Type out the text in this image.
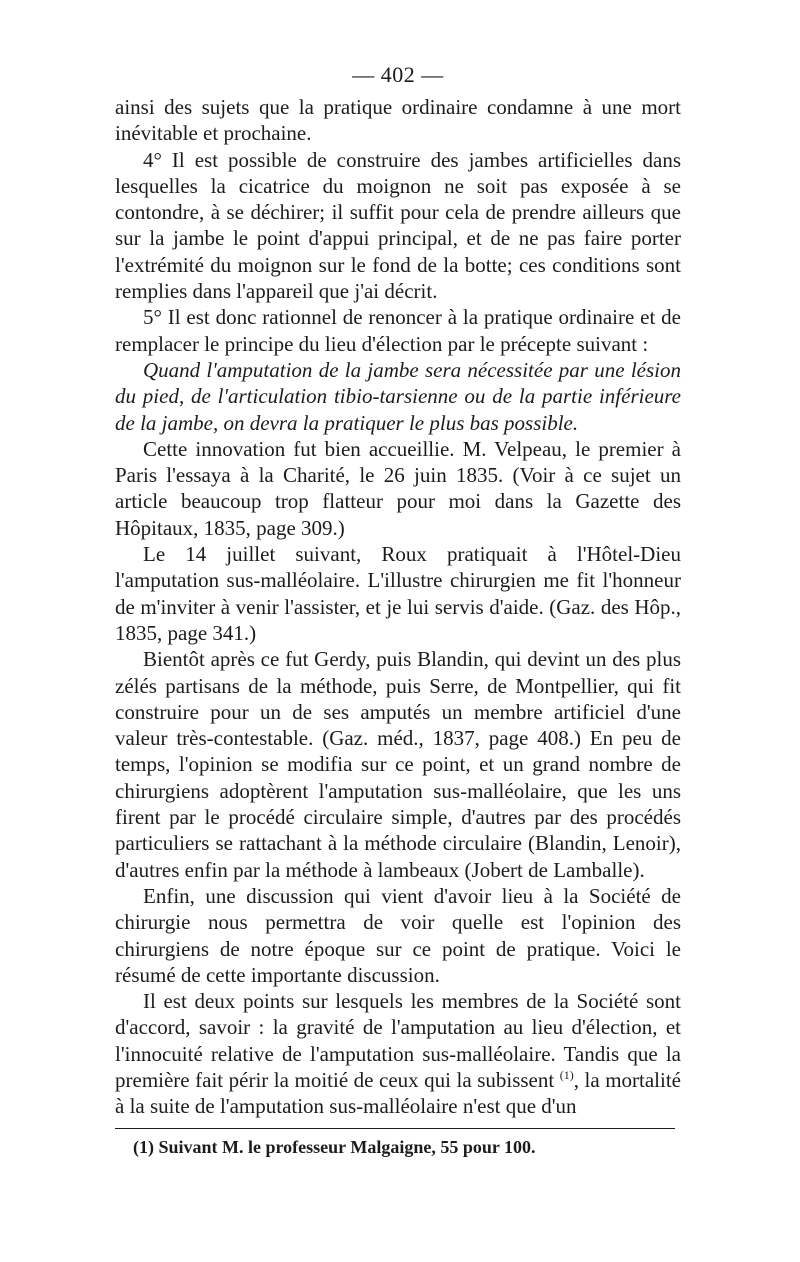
— 402 —

ainsi des sujets que la pratique ordinaire condamne à une mort inévitable et prochaine.

4° Il est possible de construire des jambes artificielles dans lesquelles la cicatrice du moignon ne soit pas exposée à se contondre, à se déchirer; il suffit pour cela de prendre ailleurs que sur la jambe le point d'appui principal, et de ne pas faire porter l'extrémité du moignon sur le fond de la botte; ces conditions sont remplies dans l'appareil que j'ai décrit.

5° Il est donc rationnel de renoncer à la pratique ordinaire et de remplacer le principe du lieu d'élection par le précepte suivant :

Quand l'amputation de la jambe sera nécessitée par une lésion du pied, de l'articulation tibio-tarsienne ou de la partie inférieure de la jambe, on devra la pratiquer le plus bas possible.

Cette innovation fut bien accueillie. M. Velpeau, le premier à Paris l'essaya à la Charité, le 26 juin 1835. (Voir à ce sujet un article beaucoup trop flatteur pour moi dans la Gazette des Hôpitaux, 1835, page 309.)

Le 14 juillet suivant, Roux pratiquait à l'Hôtel-Dieu l'amputation sus-malléolaire. L'illustre chirurgien me fit l'honneur de m'inviter à venir l'assister, et je lui servis d'aide. (Gaz. des Hôp., 1835, page 341.)

Bientôt après ce fut Gerdy, puis Blandin, qui devint un des plus zélés partisans de la méthode, puis Serre, de Montpellier, qui fit construire pour un de ses amputés un membre artificiel d'une valeur très-contestable. (Gaz. méd., 1837, page 408.) En peu de temps, l'opinion se modifia sur ce point, et un grand nombre de chirurgiens adoptèrent l'amputation sus-malléolaire, que les uns firent par le procédé circulaire simple, d'autres par des procédés particuliers se rattachant à la méthode circulaire (Blandin, Lenoir), d'autres enfin par la méthode à lambeaux (Jobert de Lamballe).

Enfin, une discussion qui vient d'avoir lieu à la Société de chirurgie nous permettra de voir quelle est l'opinion des chirurgiens de notre époque sur ce point de pratique. Voici le résumé de cette importante discussion.

Il est deux points sur lesquels les membres de la Société sont d'accord, savoir : la gravité de l'amputation au lieu d'élection, et l'innocuité relative de l'amputation sus-malléolaire. Tandis que la première fait périr la moitié de ceux qui la subissent $^{(1)}$, la mortalité à la suite de l'amputation sus-malléolaire n'est que d'un

(1) Suivant M. le professeur Malgaigne, 55 pour 100.
